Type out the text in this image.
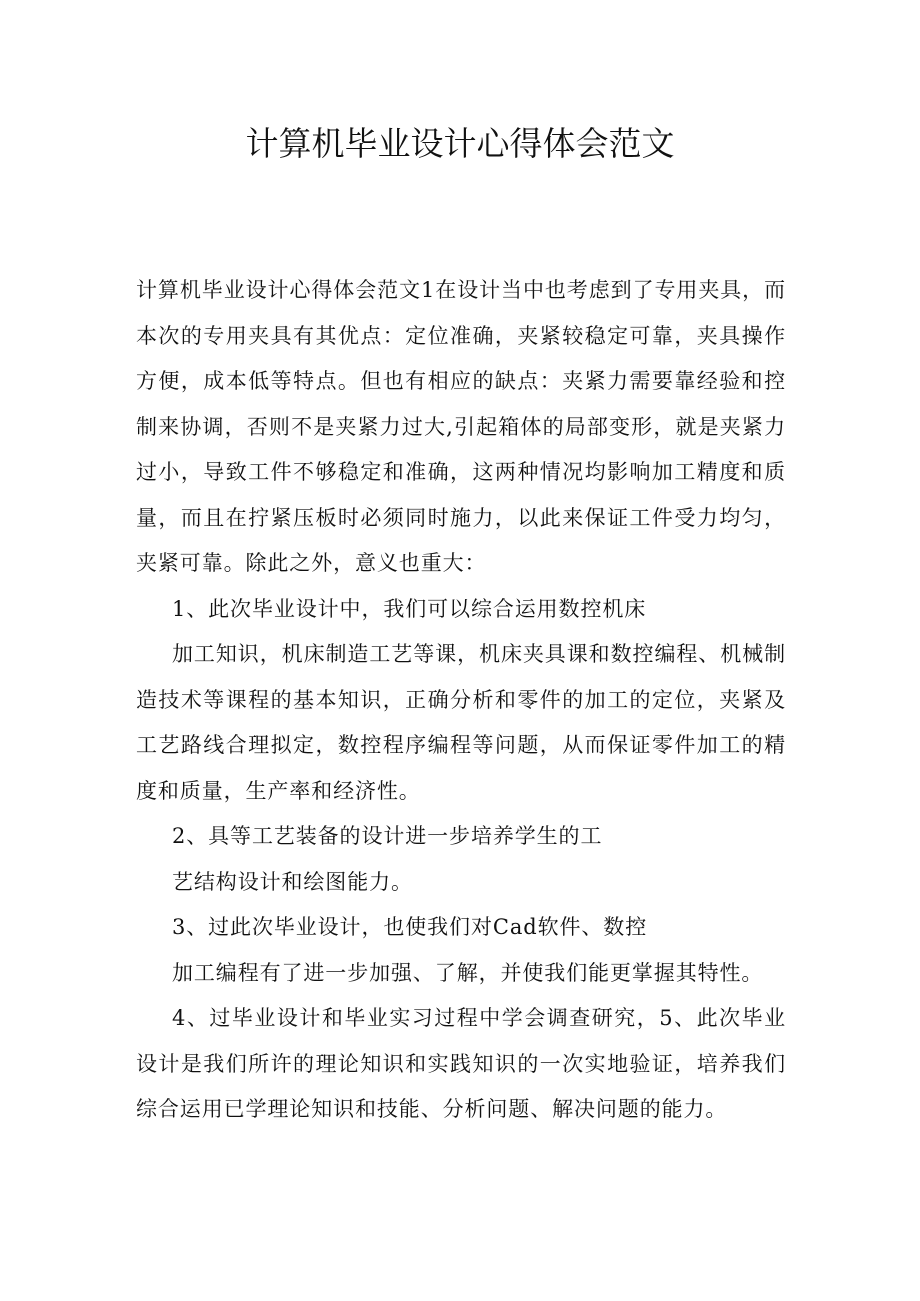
计算机毕业设计心得体会范文

计算机毕业设计心得体会范文1在设计当中也考虑到了专用夹具，而本次的专用夹具有其优点：定位准确，夹紧较稳定可靠，夹具操作方便，成本低等特点。但也有相应的缺点：夹紧力需要靠经验和控制来协调，否则不是夹紧力过大,引起箱体的局部变形，就是夹紧力过小，导致工件不够稳定和准确，这两种情况均影响加工精度和质量，而且在拧紧压板时必须同时施力，以此来保证工件受力均匀，夹紧可靠。除此之外，意义也重大：

1、此次毕业设计中，我们可以综合运用数控机床

加工知识，机床制造工艺等课，机床夹具课和数控编程、机械制造技术等课程的基本知识，正确分析和零件的加工的定位，夹紧及工艺路线合理拟定，数控程序编程等问题，从而保证零件加工的精度和质量，生产率和经济性。

2、具等工艺装备的设计进一步培养学生的工

艺结构设计和绘图能力。

3、过此次毕业设计，也使我们对Cad软件、数控

加工编程有了进一步加强、了解，并使我们能更掌握其特性。

4、过毕业设计和毕业实习过程中学会调查研究，5、此次毕业设计是我们所许的理论知识和实践知识的一次实地验证，培养我们综合运用已学理论知识和技能、分析问题、解决问题的能力。
